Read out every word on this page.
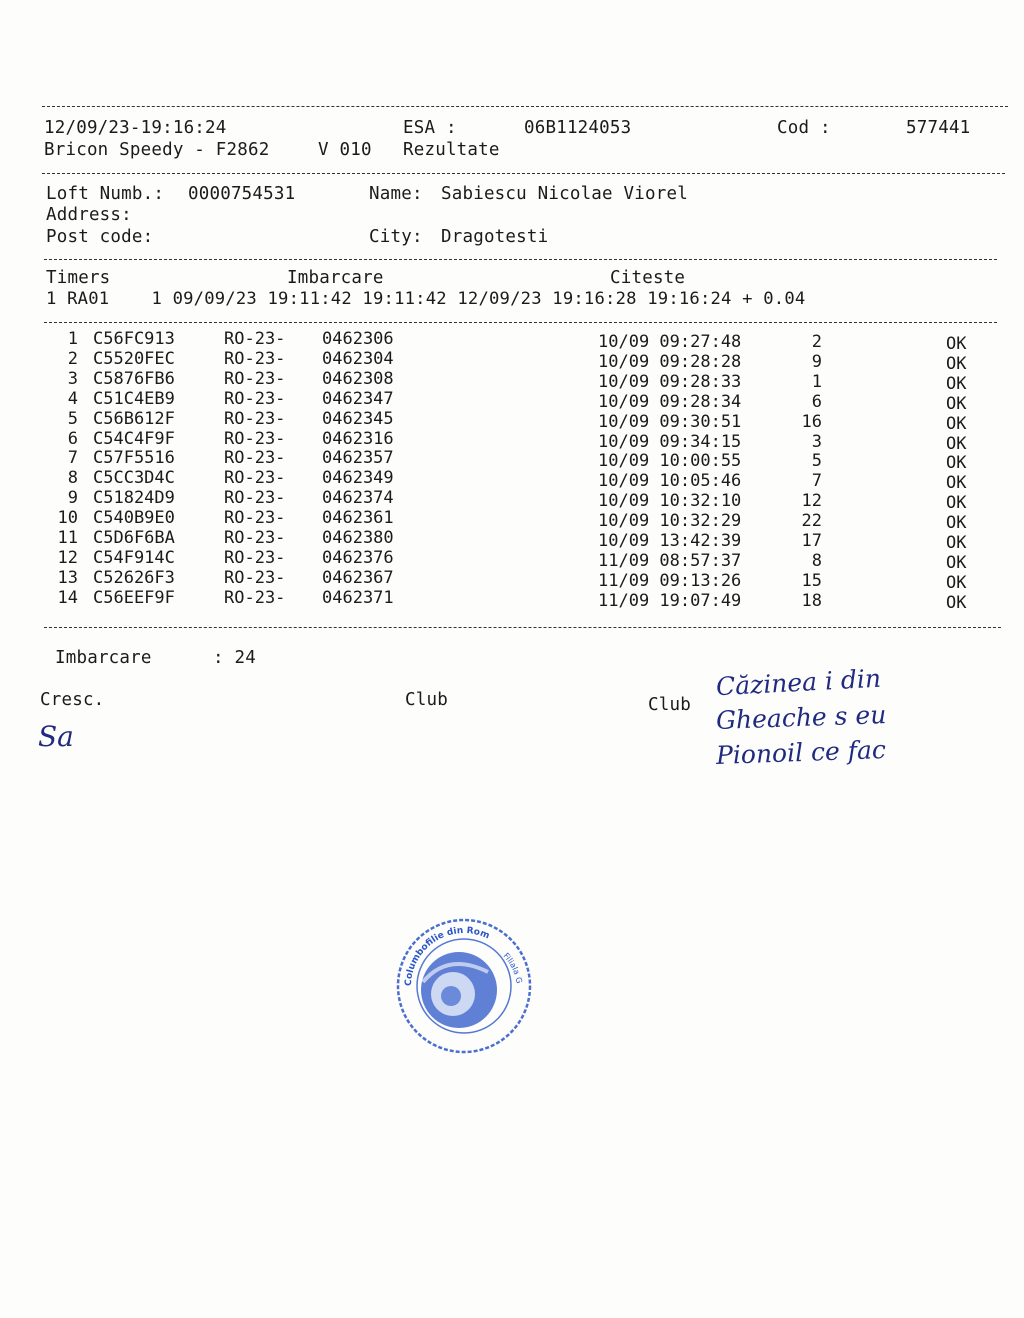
12/09/23-19:16:24	ESA :	06B1124053	Cod :	577441
Bricon Speedy - F2862	V 010 Rezultate
Loft Numb.: 0000754531	Name: Sabiescu Nicolae Viorel
Address:
Post code:	City: Dragotesti
Timers	Imbarcare	Citeste
1 RA01    1 09/09/23 19:11:42 19:11:42 12/09/23 19:16:28 19:16:24 + 0.04
1 C56FC913	RO-23- 0462306	10/09 09:27:48	2	OK
2 C5520FEC	RO-23- 0462304	10/09 09:28:28	9	OK
3 C5876FB6	RO-23- 0462308	10/09 09:28:33	1	OK
4 C51C4EB9	RO-23- 0462347	10/09 09:28:34	6	OK
5 C56B612F	RO-23- 0462345	10/09 09:30:51	16	OK
6 C54C4F9F	RO-23- 0462316	10/09 09:34:15	3	OK
7 C57F5516	RO-23- 0462357	10/09 10:00:55	5	OK
8 C5CC3D4C	RO-23- 0462349	10/09 10:05:46	7	OK
9 C51824D9	RO-23- 0462374	10/09 10:32:10	12	OK
10 C540B9E0	RO-23- 0462361	10/09 10:32:29	22	OK
11 C5D6F6BA	RO-23- 0462380	10/09 13:42:39	17	OK
12 C54F914C	RO-23- 0462376	11/09 08:57:37	8	OK
13 C52626F3	RO-23- 0462367	11/09 09:13:26	15	OK
14 C56EEF9F	RO-23- 0462371	11/09 19:07:49	18	OK
Imbarcare	: 24
Cresc.	Club	Club
Sa
Căzinea i din
Gheache s eu
Pionoil ce fac
Columbofilie din Rom
Filiala G
